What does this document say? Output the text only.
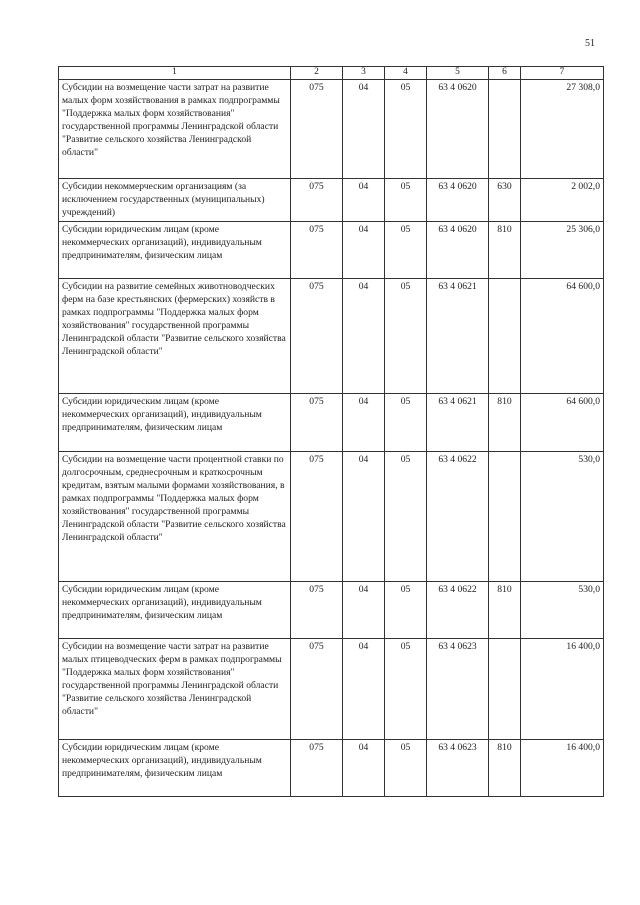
51
1	2	3	4	5	6	7
Субсидии на возмещение части затрат на развитие малых форм хозяйствования в рамках подпрограммы "Поддержка малых форм хозяйствования" государственной программы Ленинградской области "Развитие сельского хозяйства Ленинградской области"	075	04	05	63 4 0620		27 308,0
Субсидии некоммерческим организациям (за исключением государственных (муниципальных) учреждений)	075	04	05	63 4 0620	630	2 002,0
Субсидии юридическим лицам (кроме некоммерческих организаций), индивидуальным предпринимателям, физическим лицам	075	04	05	63 4 0620	810	25 306,0
Субсидии на развитие семейных животноводческих ферм на базе крестьянских (фермерских) хозяйств в рамках подпрограммы "Поддержка малых форм хозяйствования" государственной программы Ленинградской области "Развитие сельского хозяйства Ленинградской области"	075	04	05	63 4 0621		64 600,0
Субсидии юридическим лицам (кроме некоммерческих организаций), индивидуальным предпринимателям, физическим лицам	075	04	05	63 4 0621	810	64 600,0
Субсидии на возмещение части процентной ставки по долгосрочным, среднесрочным и краткосрочным кредитам, взятым малыми формами хозяйствования, в рамках подпрограммы "Поддержка малых форм хозяйствования" государственной программы Ленинградской области "Развитие сельского хозяйства Ленинградской области"	075	04	05	63 4 0622		530,0
Субсидии юридическим лицам (кроме некоммерческих организаций), индивидуальным предпринимателям, физическим лицам	075	04	05	63 4 0622	810	530,0
Субсидии на возмещение части затрат на развитие малых птицеводческих ферм в рамках подпрограммы "Поддержка малых форм хозяйствования" государственной программы Ленинградской области "Развитие сельского хозяйства Ленинградской области"	075	04	05	63 4 0623		16 400,0
Субсидии юридическим лицам (кроме некоммерческих организаций), индивидуальным предпринимателям, физическим лицам	075	04	05	63 4 0623	810	16 400,0
